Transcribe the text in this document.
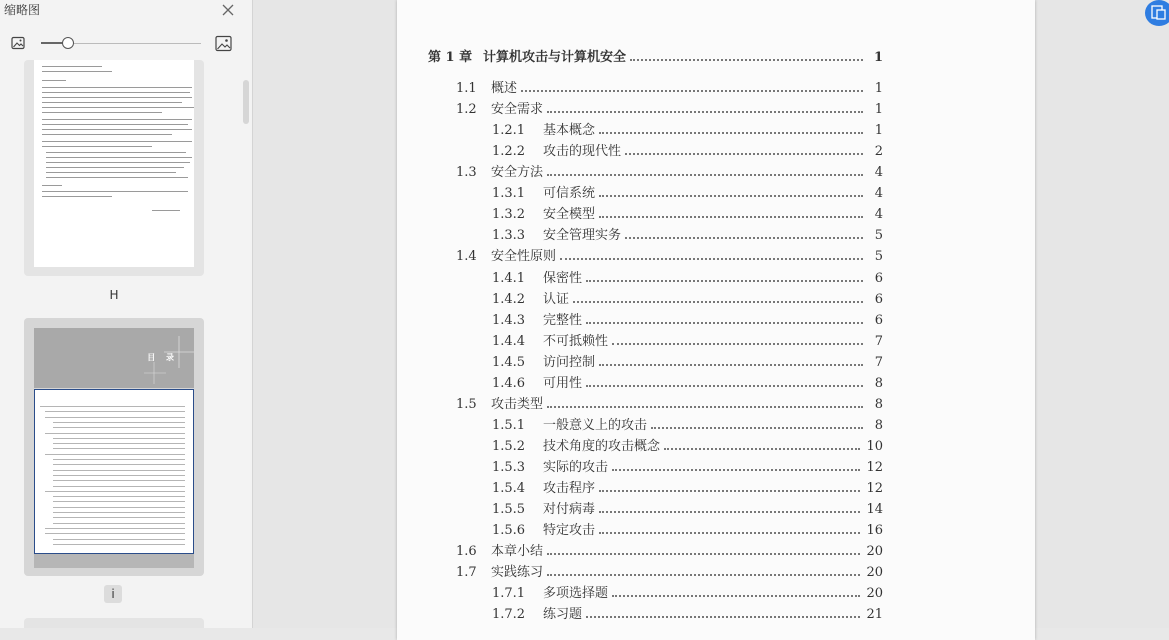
缩略图
H
目 录
i
第 1 章 计算机攻击与计算机安全	1
1.1	概述	1
1.2	安全需求	1
1.2.1	基本概念	1
1.2.2	攻击的现代性	2
1.3	安全方法	4
1.3.1	可信系统	4
1.3.2	安全模型	4
1.3.3	安全管理实务	5
1.4	安全性原则	5
1.4.1	保密性	6
1.4.2	认证	6
1.4.3	完整性	6
1.4.4	不可抵赖性	7
1.4.5	访问控制	7
1.4.6	可用性	8
1.5	攻击类型	8
1.5.1	一般意义上的攻击	8
1.5.2	技术角度的攻击概念	10
1.5.3	实际的攻击	12
1.5.4	攻击程序	12
1.5.5	对付病毒	14
1.5.6	特定攻击	16
1.6	本章小结	20
1.7	实践练习	20
1.7.1	多项选择题	20
1.7.2	练习题	21
